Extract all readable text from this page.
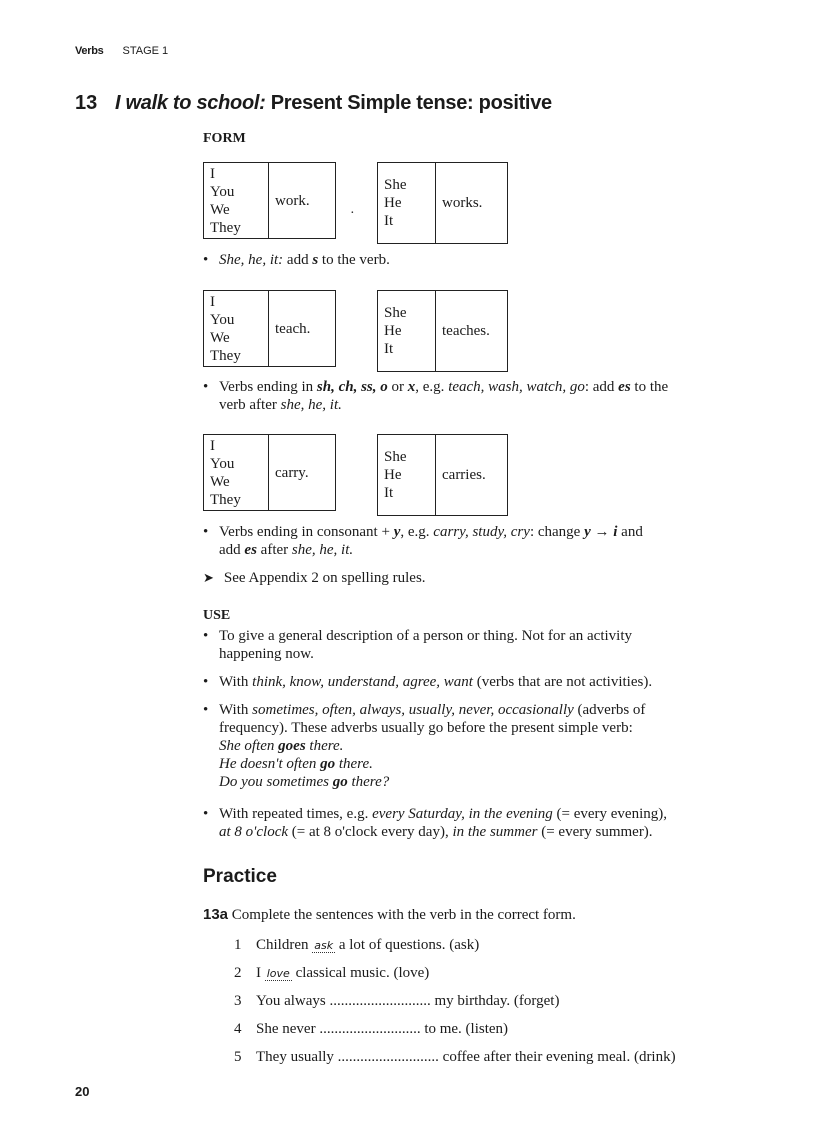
Verbs STAGE 1
13 I walk to school: Present Simple tense: positive
FORM
I
You
We
They
	work.
·
She
He
It
	works.
• She, he, it: add s to the verb.
I
You
We
They
	teach.
She
He
It
	teaches.
• Verbs ending in sh, ch, ss, o or x, e.g. teach, wash, watch, go: add es to the
verb after she, he, it.
I
You
We
They
	carry.
She
He
It
	carries.
• Verbs ending in consonant + y, e.g. carry, study, cry: change y → i and
add es after she, he, it.
➤ See Appendix 2 on spelling rules.
USE
• To give a general description of a person or thing. Not for an activity
happening now.
• With think, know, understand, agree, want (verbs that are not activities).
• With sometimes, often, always, usually, never, occasionally (adverbs of
frequency). These adverbs usually go before the present simple verb:
She often goes there.
He doesn't often go there.
Do you sometimes go there?
• With repeated times, e.g. every Saturday, in the evening (= every evening),
at 8 o'clock (= at 8 o'clock every day), in the summer (= every summer).
Practice
13a Complete the sentences with the verb in the correct form.
1 Children ask a lot of questions. (ask)
2 I love classical music. (love)
3 You always ........................... my birthday. (forget)
4 She never ........................... to me. (listen)
5 They usually ........................... coffee after their evening meal. (drink)
20
